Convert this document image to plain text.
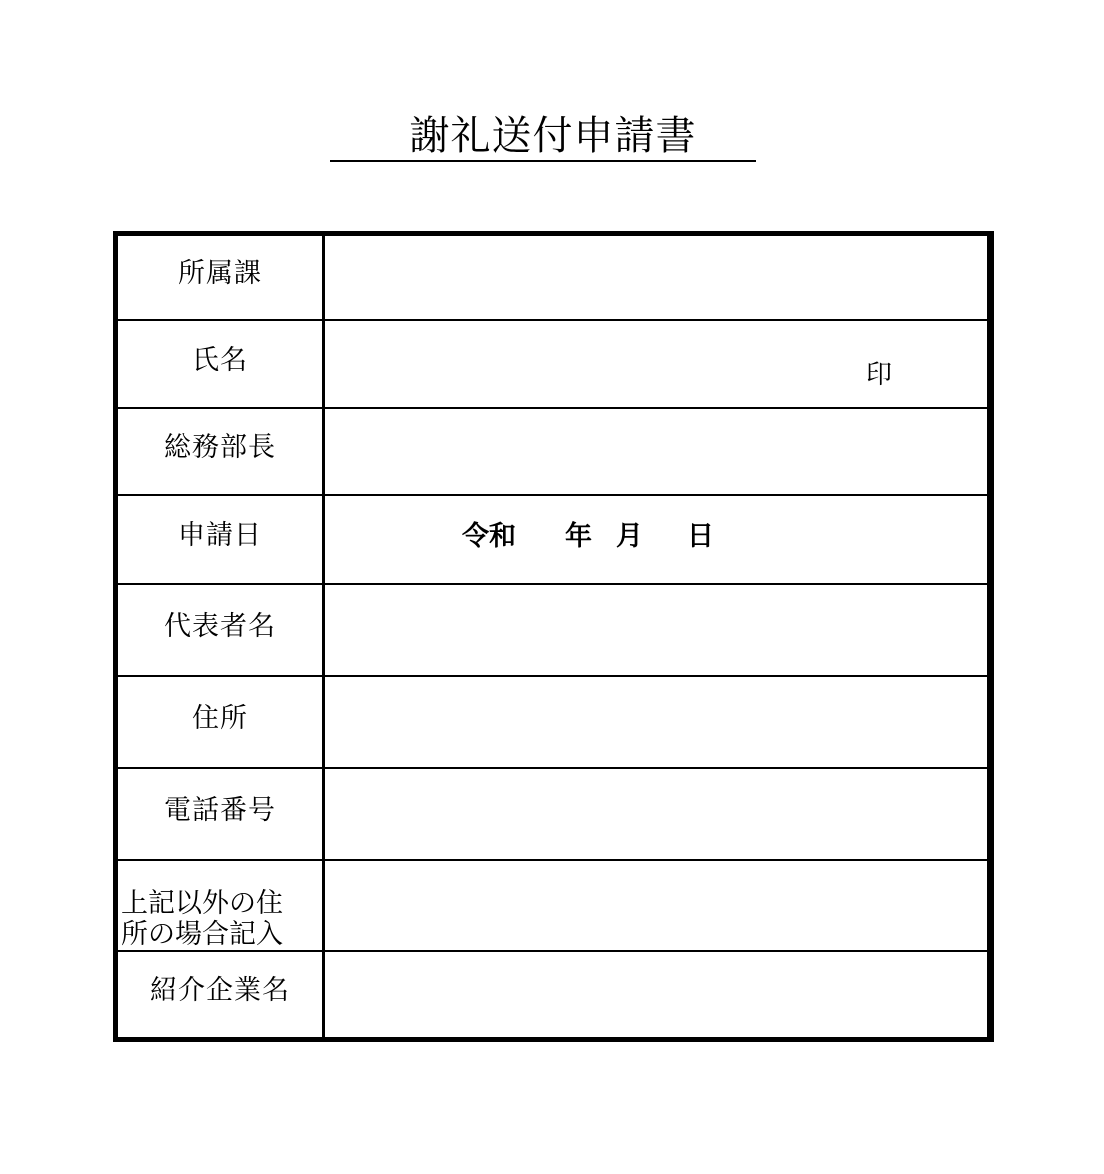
謝礼送付申請書
所属課
氏名	印
総務部長
申請日	令和 年 月 日
代表者名
住所
電話番号
上記以外の住
所の場合記入
紹介企業名
